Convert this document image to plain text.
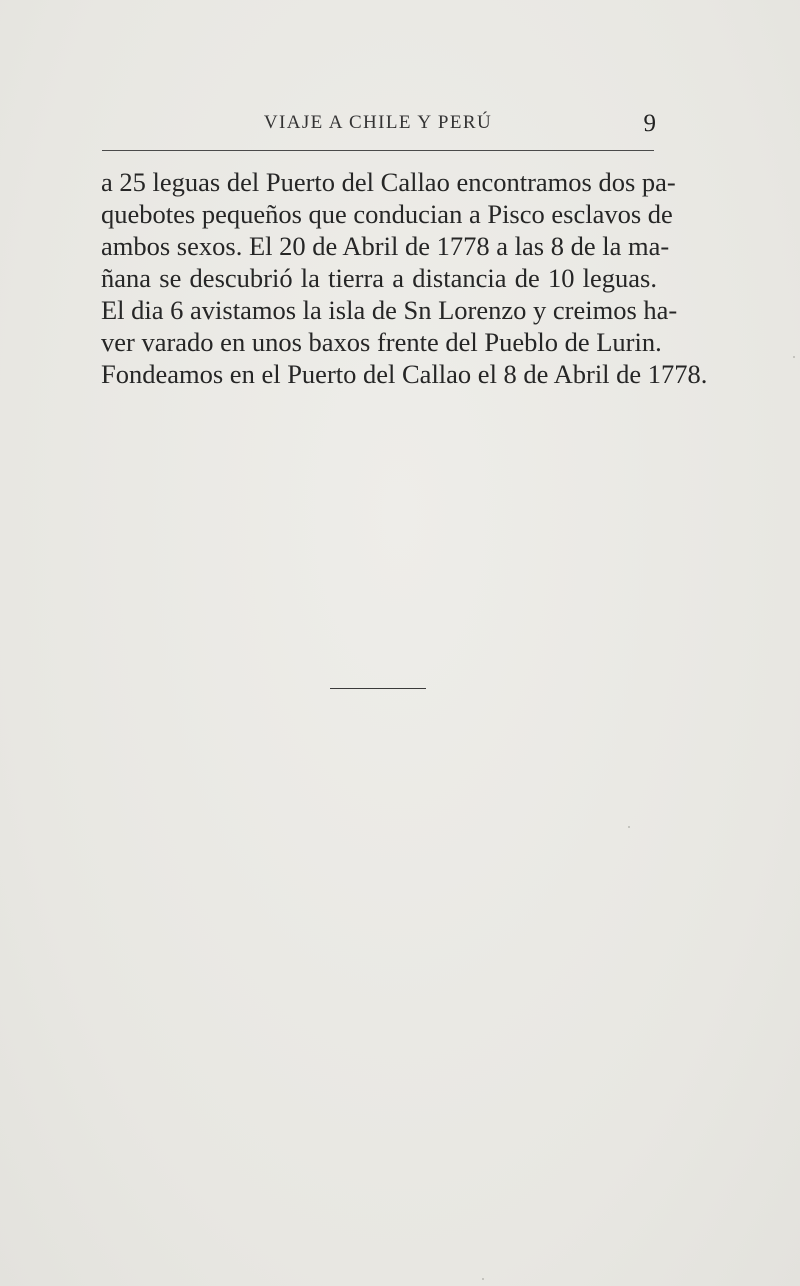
VIAJE A CHILE Y PERÚ	9
a 25 leguas del Puerto del Callao encontramos dos pa-
quebotes pequeños que conducian a Pisco esclavos de
ambos sexos. El 20 de Abril de 1778 a las 8 de la ma-
ñana se descubrió la tierra a distancia de 10 leguas.
El dia 6 avistamos la isla de Sn Lorenzo y creimos ha-
ver varado en unos baxos frente del Pueblo de Lurin.
Fondeamos en el Puerto del Callao el 8 de Abril de 1778.
